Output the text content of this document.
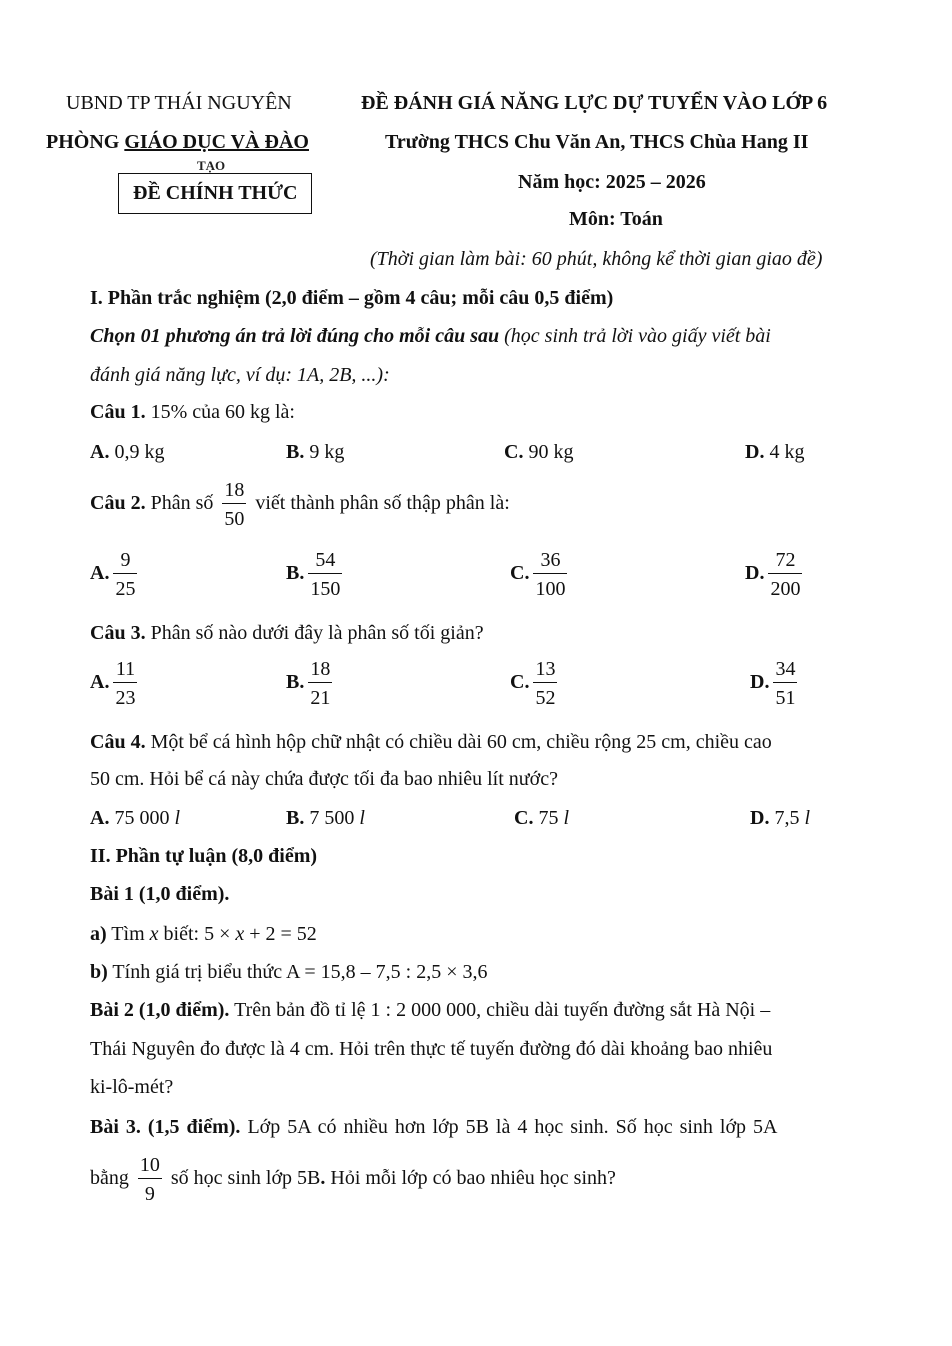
UBND TP THÁI NGUYÊN
PHÒNG GIÁO DỤC VÀ ĐÀO
TẠO
ĐỀ CHÍNH THỨC
ĐỀ ĐÁNH GIÁ NĂNG LỰC DỰ TUYỂN VÀO LỚP 6
Trường THCS Chu Văn An, THCS Chùa Hang II
Năm học: 2025 – 2026
Môn: Toán
(Thời gian làm bài: 60 phút, không kể thời gian giao đề)
I. Phần trắc nghiệm (2,0 điểm – gồm 4 câu; mỗi câu 0,5 điểm)
Chọn 01 phương án trả lời đúng cho mỗi câu sau (học sinh trả lời vào giấy viết bài
đánh giá năng lực, ví dụ: 1A, 2B, ...):
Câu 1. 15% của 60 kg là:
A. 0,9 kg	B. 9 kg	C. 90 kg	D. 4 kg
Câu 2. Phân số $\frac{18}{50}$ viết thành phân số thập phân là:
A. $\frac{9}{25}$	B. $\frac{54}{150}$	C. $\frac{36}{100}$	D. $\frac{72}{200}$
Câu 3. Phân số nào dưới đây là phân số tối giản?
A. $\frac{11}{23}$	B. $\frac{18}{21}$	C. $\frac{13}{52}$	D. $\frac{34}{51}$
Câu 4. Một bể cá hình hộp chữ nhật có chiều dài 60 cm, chiều rộng 25 cm, chiều cao
50 cm. Hỏi bể cá này chứa được tối đa bao nhiêu lít nước?
A. 75 000 l	B. 7 500 l	C. 75 l	D. 7,5 l
II. Phần tự luận (8,0 điểm)
Bài 1 (1,0 điểm).
a) Tìm x biết: 5 × x + 2 = 52
b) Tính giá trị biểu thức A = 15,8 – 7,5 : 2,5 × 3,6
Bài 2 (1,0 điểm). Trên bản đồ tỉ lệ 1 : 2 000 000, chiều dài tuyến đường sắt Hà Nội –
Thái Nguyên đo được là 4 cm. Hỏi trên thực tế tuyến đường đó dài khoảng bao nhiêu
ki-lô-mét?
Bài 3. (1,5 điểm). Lớp 5A có nhiều hơn lớp 5B là 4 học sinh. Số học sinh lớp 5A
bằng $\frac{10}{9}$ số học sinh lớp 5B. Hỏi mỗi lớp có bao nhiêu học sinh?
